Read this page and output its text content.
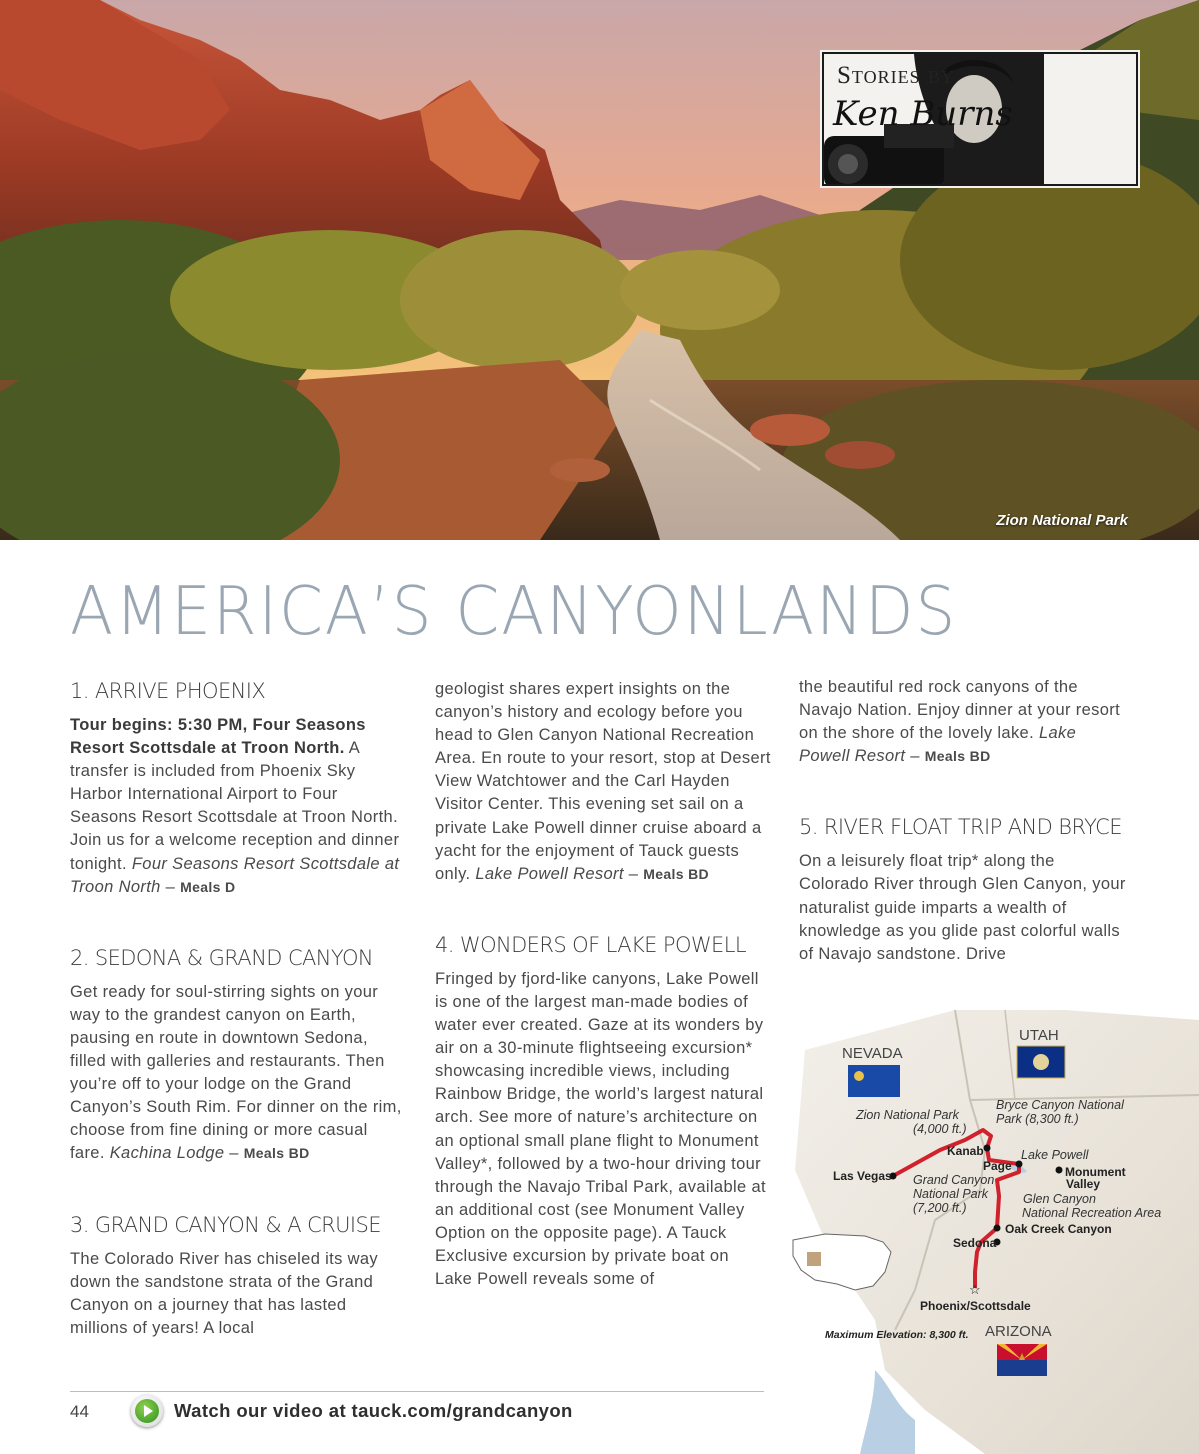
Stories by
Ken Burns
Zion National Park
AMERICA’S CANYONLANDS
1. ARRIVE PHOENIX

Tour begins: 5:30 PM, Four Seasons Resort Scottsdale at Troon North. A transfer is included from Phoenix Sky Harbor International Airport to Four Seasons Resort Scottsdale at Troon North. Join us for a welcome reception and dinner tonight. Four Seasons Resort Scottsdale at Troon North – Meals D

2. SEDONA & GRAND CANYON

Get ready for soul-stirring sights on your way to the grandest canyon on Earth, pausing en route in downtown Sedona, filled with galleries and restaurants. Then you’re off to your lodge on the Grand Canyon’s South Rim. For dinner on the rim, choose from fine dining or more casual fare. Kachina Lodge – Meals BD

3. GRAND CANYON & A CRUISE

The Colorado River has chiseled its way down the sandstone strata of the Grand Canyon on a journey that has lasted millions of years! A local

geologist shares expert insights on the canyon’s history and ecology before you head to Glen Canyon National Recreation Area. En route to your resort, stop at Desert View Watchtower and the Carl Hayden Visitor Center. This evening set sail on a private Lake Powell dinner cruise aboard a yacht for the enjoyment of Tauck guests only. Lake Powell Resort – Meals BD

4. WONDERS OF LAKE POWELL

Fringed by fjord-like canyons, Lake Powell is one of the largest man-made bodies of water ever created. Gaze at its wonders by air on a 30-minute flightseeing excursion* showcasing incredible views, including Rainbow Bridge, the world’s largest natural arch. See more of nature’s architecture on an optional small plane flight to Monument Valley*, followed by a two-hour driving tour through the Navajo Tribal Park, available at an additional cost (see Monument Valley Option on the opposite page). A Tauck Exclusive excursion by private boat on Lake Powell reveals some of

the beautiful red rock canyons of the Navajo Nation. Enjoy dinner at your resort on the shore of the lovely lake. Lake Powell Resort – Meals BD

5. RIVER FLOAT TRIP AND BRYCE

On a leisurely float trip* along the Colorado River through Glen Canyon, your naturalist guide imparts a wealth of knowledge as you glide past colorful walls of Navajo sandstone. Drive

☆
NEVADA
UTAH
ARIZONA
Zion National Park
(4,000 ft.)
Bryce Canyon National
Park (8,300 ft.)
Kanab	Lake Powell
Page	Monument
Valley
Las Vegas Grand Canyon
National Park
(7,200 ft.)
Glen Canyon
National Recreation Area
Oak Creek Canyon
Sedona
Phoenix/Scottsdale
Maximum Elevation: 8,300 ft.
44	Watch our video at tauck.com/grandcanyon
